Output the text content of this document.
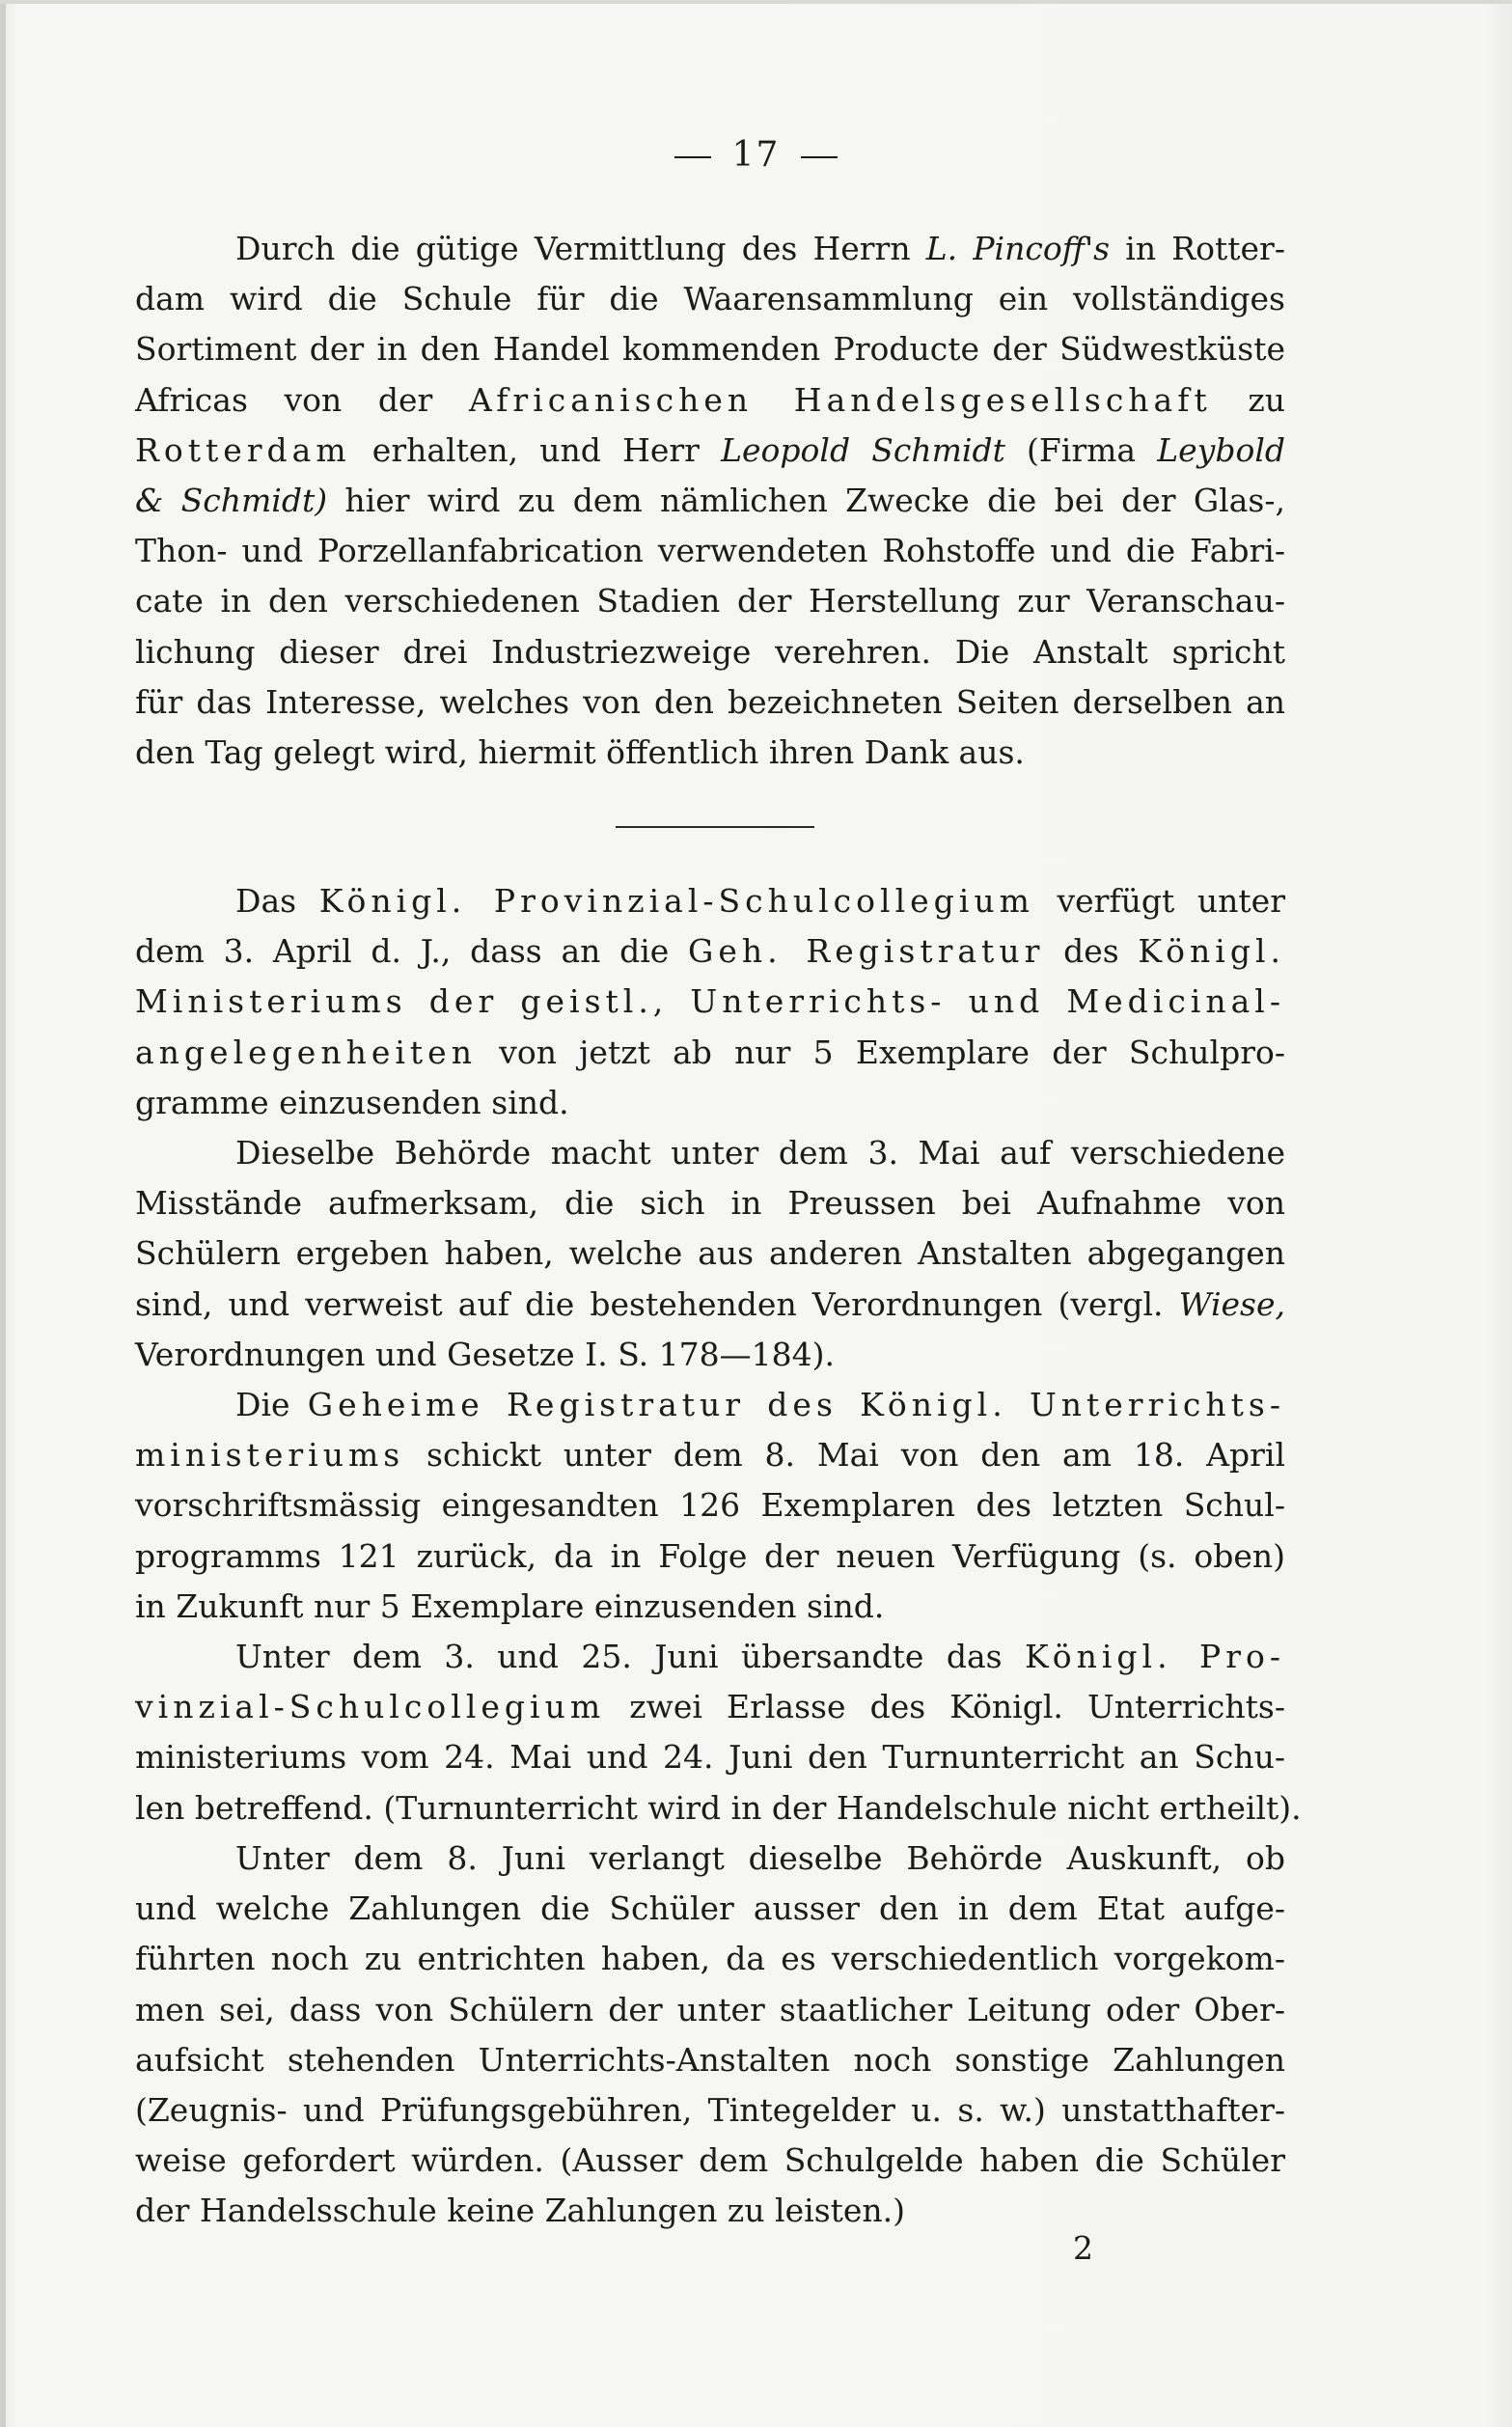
17
Durch die gütige Vermittlung des Herrn L. Pincoff's in Rotter-
dam wird die Schule für die Waarensammlung ein vollständiges
Sortiment der in den Handel kommenden Producte der Südwestküste
Africas von der Africanischen Handelsgesellschaft zu
Rotterdam erhalten, und Herr Leopold Schmidt (Firma Leybold
& Schmidt) hier wird zu dem nämlichen Zwecke die bei der Glas-,
Thon- und Porzellanfabrication verwendeten Rohstoffe und die Fabri-
cate in den verschiedenen Stadien der Herstellung zur Veranschau-
lichung dieser drei Industriezweige verehren. Die Anstalt spricht
für das Interesse, welches von den bezeichneten Seiten derselben an
den Tag gelegt wird, hiermit öffentlich ihren Dank aus.
Das Königl. Provinzial-Schulcollegium verfügt unter
dem 3. April d. J., dass an die Geh. Registratur des Königl.
Ministeriums der geistl., Unterrichts- und Medicinal-
angelegenheiten von jetzt ab nur 5 Exemplare der Schulpro-
gramme einzusenden sind.
Dieselbe Behörde macht unter dem 3. Mai auf verschiedene
Misstände aufmerksam, die sich in Preussen bei Aufnahme von
Schülern ergeben haben, welche aus anderen Anstalten abgegangen
sind, und verweist auf die bestehenden Verordnungen (vergl. Wiese,
Verordnungen und Gesetze I. S. 178—184).
Die Geheime Registratur des Königl. Unterrichts-
ministeriums schickt unter dem 8. Mai von den am 18. April
vorschriftsmässig eingesandten 126 Exemplaren des letzten Schul-
programms 121 zurück, da in Folge der neuen Verfügung (s. oben)
in Zukunft nur 5 Exemplare einzusenden sind.
Unter dem 3. und 25. Juni übersandte das Königl. Pro-
vinzial-Schulcollegium zwei Erlasse des Königl. Unterrichts-
ministeriums vom 24. Mai und 24. Juni den Turnunterricht an Schu-
len betreffend. (Turnunterricht wird in der Handelschule nicht ertheilt).
Unter dem 8. Juni verlangt dieselbe Behörde Auskunft, ob
und welche Zahlungen die Schüler ausser den in dem Etat aufge-
führten noch zu entrichten haben, da es verschiedentlich vorgekom-
men sei, dass von Schülern der unter staatlicher Leitung oder Ober-
aufsicht stehenden Unterrichts-Anstalten noch sonstige Zahlungen
(Zeugnis- und Prüfungsgebühren, Tintegelder u. s. w.) unstatthafter-
weise gefordert würden. (Ausser dem Schulgelde haben die Schüler
der Handelsschule keine Zahlungen zu leisten.)
2
